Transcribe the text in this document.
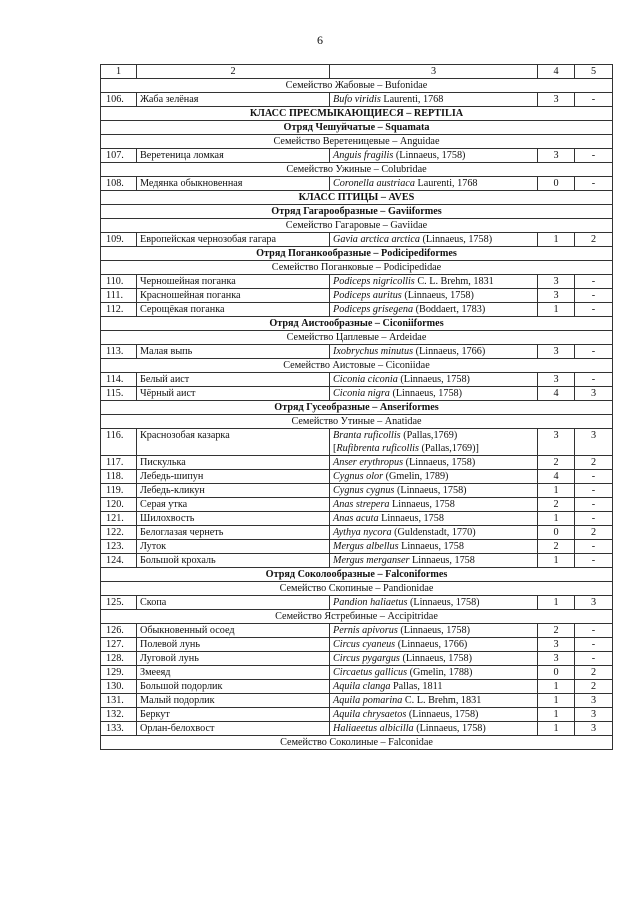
6
1	2	3	4	5
Семейство Жабовые – Bufonidae				
106.	Жаба зелёная	Bufo viridis Laurenti, 1768	3	-
КЛАСС ПРЕСМЫКАЮЩИЕСЯ – REPTILIA				
Отряд Чешуйчатые – Squamata				
Семейство Веретеницевые – Anguidae				
107.	Веретеница ломкая	Anguis fragilis (Linnaeus, 1758)	3	-
Семейство Ужиные – Colubridae				
108.	Медянка обыкновенная	Coronella austriaca Laurenti, 1768	0	-
КЛАСС ПТИЦЫ – AVES				
Отряд Гагарообразные – Gaviiformes				
Семейство Гагаровые – Gaviidae				
109.	Европейская чернозобая гагара	Gavia arctica arctica (Linnaeus, 1758)	1	2
Отряд Поганкообразные – Podicipediformes				
Семейство Поганковые – Podicipedidae				
110.	Черношейная поганка	Podiceps nigricollis C. L. Brehm, 1831	3	-
111.	Красношейная поганка	Podiceps auritus (Linnaeus, 1758)	3	-
112.	Серощёкая поганка	Podiceps grisegena (Boddaert, 1783)	1	-
Отряд Аистообразные – Ciconiiformes				
Семейство Цаплевые – Ardeidae				
113.	Малая выпь	Ixobrychus minutus (Linnaeus, 1766)	3	-
Семейство Аистовые – Ciconiidae				
114.	Белый аист	Ciconia ciconia (Linnaeus, 1758)	3	-
115.	Чёрный аист	Ciconia nigra (Linnaeus, 1758)	4	3
Отряд Гусеобразные – Anseriformes				
Семейство Утиные – Anatidae				
116.	Краснозобая казарка	Branta ruficollis (Pallas,1769)
[Rufibrenta ruficollis (Pallas,1769)]	3	3
117.	Пискулька	Anser erythropus (Linnaeus, 1758)	2	2
118.	Лебедь-шипун	Cygnus olor (Gmelin, 1789)	4	-
119.	Лебедь-кликун	Cygnus cygnus (Linnaeus, 1758)	1	-
120.	Серая утка	Anas strepera Linnaeus, 1758	2	-
121.	Шилохвость	Anas acuta Linnaeus, 1758	1	-
122.	Белоглазая чернеть	Aythya nycora (Guldenstadt, 1770)	0	2
123.	Луток	Mergus albellus Linnaeus, 1758	2	-
124.	Большой крохаль	Mergus merganser Linnaeus, 1758	1	-
Отряд Соколообразные – Falconiformes				
Семейство Скопиные – Pandionidae				
125.	Скопа	Pandion haliaetus (Linnaeus, 1758)	1	3
Семейство Ястребиные – Accipitridae				
126.	Обыкновенный осоед	Pernis apivorus (Linnaeus, 1758)	2	-
127.	Полевой лунь	Circus cyaneus (Linnaeus, 1766)	3	-
128.	Луговой лунь	Circus pygargus (Linnaeus, 1758)	3	-
129.	Змееяд	Circaetus gallicus (Gmelin, 1788)	0	2
130.	Большой подорлик	Aquila clanga Pallas, 1811	1	2
131.	Малый подорлик	Aquila pomarina C. L. Brehm, 1831	1	3
132.	Беркут	Aquila chrysaetos (Linnaeus, 1758)	1	3
133.	Орлан-белохвост	Haliaeetus albicilla (Linnaeus, 1758)	1	3
Семейство Соколиные – Falconidae				
